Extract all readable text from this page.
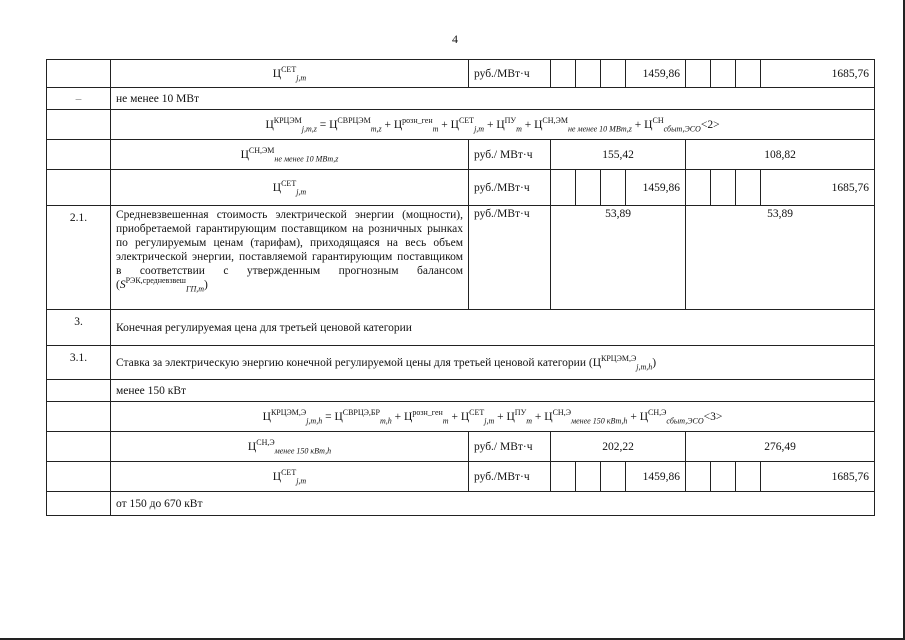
4
	$Ц^{СЕТ}_{j,m}$	руб./МВт·ч				1459,86				1685,76
–	не менее 10 МВт									
	$Ц^{КРЦЭМ}_{j,m,z} = Ц^{СВРЦЭМ}_{m,z} + Ц^{розн\_ген}_m + Ц^{СЕТ}_{j,m} + Ц^{ПУ}_m + Ц^{СН,ЭМ}_{не менее 10 МВт,z} + Ц^{СН}_{сбыт,ЭСО}<2>$									
	$Ц^{СН,ЭМ}_{не менее 10 МВт,z}$	руб./ МВт·ч	155,42				108,82			
	$Ц^{СЕТ}_{j,m}$	руб./МВт·ч				1459,86				1685,76
2.1.	Средневзвешенная стоимость электрической энергии (мощности), приобретаемой гарантирующим поставщиком на розничных рынках по регулируемым ценам (тарифам), приходящаяся на весь объем электрической энергии, поставляемой гарантирующим поставщиком в соответствии с утвержденным прогнозным балансом $(S^{РЭК,средневзвеш}_{ГП,m})$	руб./МВт·ч	53,89				53,89			
3.	Конечная регулируемая цена для третьей ценовой категории									
3.1.	Ставка за электрическую энергию конечной регулируемой цены для третьей ценовой категории $(Ц^{КРЦЭМ,Э}_{j,m,h})$									
	менее 150 кВт									
	$Ц^{КРЦЭМ,Э}_{j,m,h} = Ц^{СВРЦЭ,БР}_{m,h} + Ц^{розн\_ген}_m + Ц^{СЕТ}_{j,m} + Ц^{ПУ}_m + Ц^{СН,Э}_{менее 150 кВт,h} + Ц^{СН,Э}_{сбыт,ЭСО}<3>$									
	$Ц^{СН,Э}_{менее 150 кВт,h}$	руб./ МВт·ч	202,22				276,49			
	$Ц^{СЕТ}_{j,m}$	руб./МВт·ч				1459,86				1685,76
	от 150 до 670 кВт									
